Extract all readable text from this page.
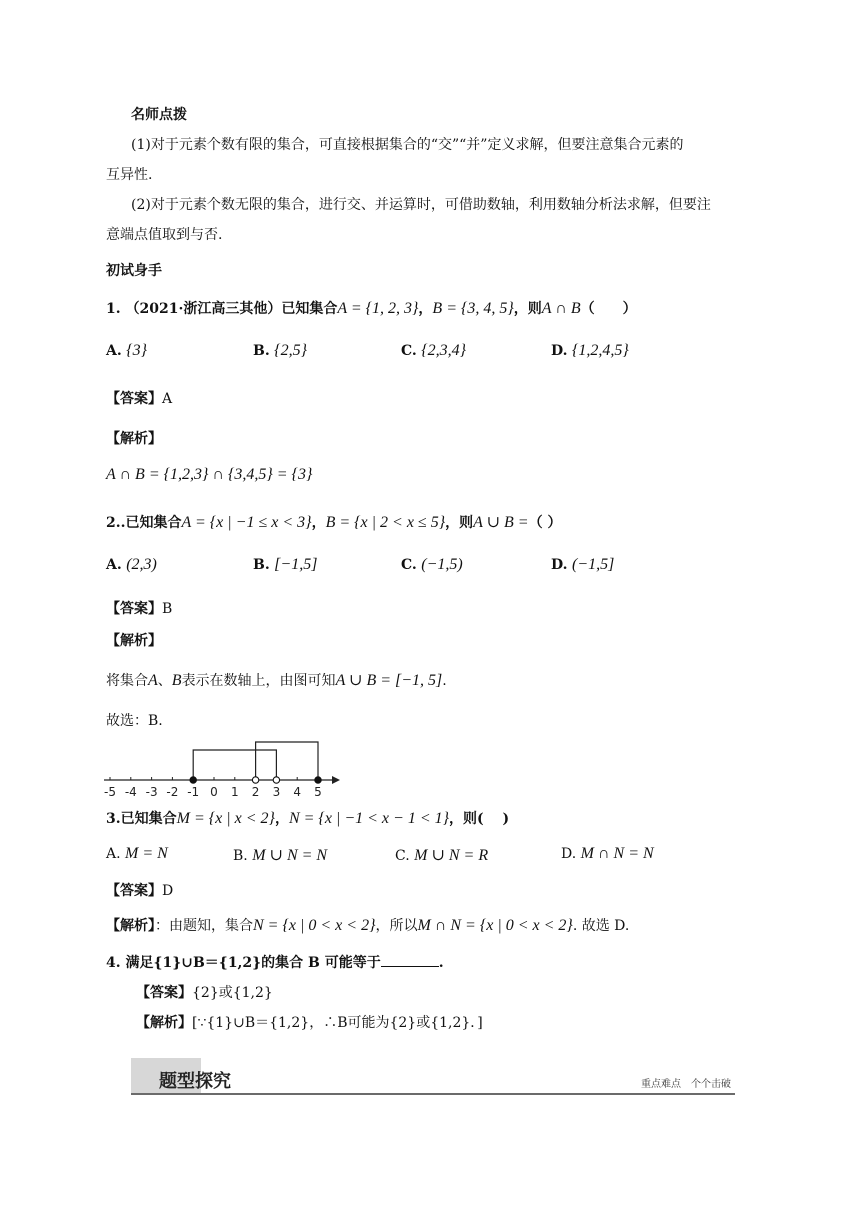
名师点拨
(1)对于元素个数有限的集合，可直接根据集合的“交”“并”定义求解，但要注意集合元素的
互异性.
(2)对于元素个数无限的集合，进行交、并运算时，可借助数轴，利用数轴分析法求解，但要注
意端点值取到与否.
初试身手
1. （2021·浙江高三其他）已知集合A = {1, 2, 3}，B = {3, 4, 5}，则A ∩ B（　　）
A. {3}	B. {2,5}	C. {2,3,4}	D. {1,2,4,5}
【答案】A
【解析】
A ∩ B = {1,2,3} ∩ {3,4,5} = {3}
2..已知集合A = {x | −1 ≤ x < 3}，B = {x | 2 < x ≤ 5}，则A ∪ B =（ ）
A. (2,3)	B. [−1,5]	C. (−1,5)	D. (−1,5]
【答案】B
【解析】
将集合A、B表示在数轴上，由图可知A ∪ B = [−1, 5].
故选：B.
-5 -4 -3 -2 -1 0 1 2 3 4 5
3.已知集合M = {x | x < 2}，N = {x | −1 < x − 1 < 1}，则(　 )
A. M = N	B. M ∪ N = N	C. M ∪ N = R	D. M ∩ N = N
【答案】D
【解析】：由题知，集合N = {x | 0 < x < 2}，所以M ∩ N = {x | 0 < x < 2}. 故选 D.
4. 满足{1}∪B＝{1,2}的集合 B 可能等于	.
【答案】{2}或{1,2}
【解析】[∵{1}∪B＝{1,2}，∴B可能为{2}或{1,2}．]
题型探究	重点难点　个个击破
